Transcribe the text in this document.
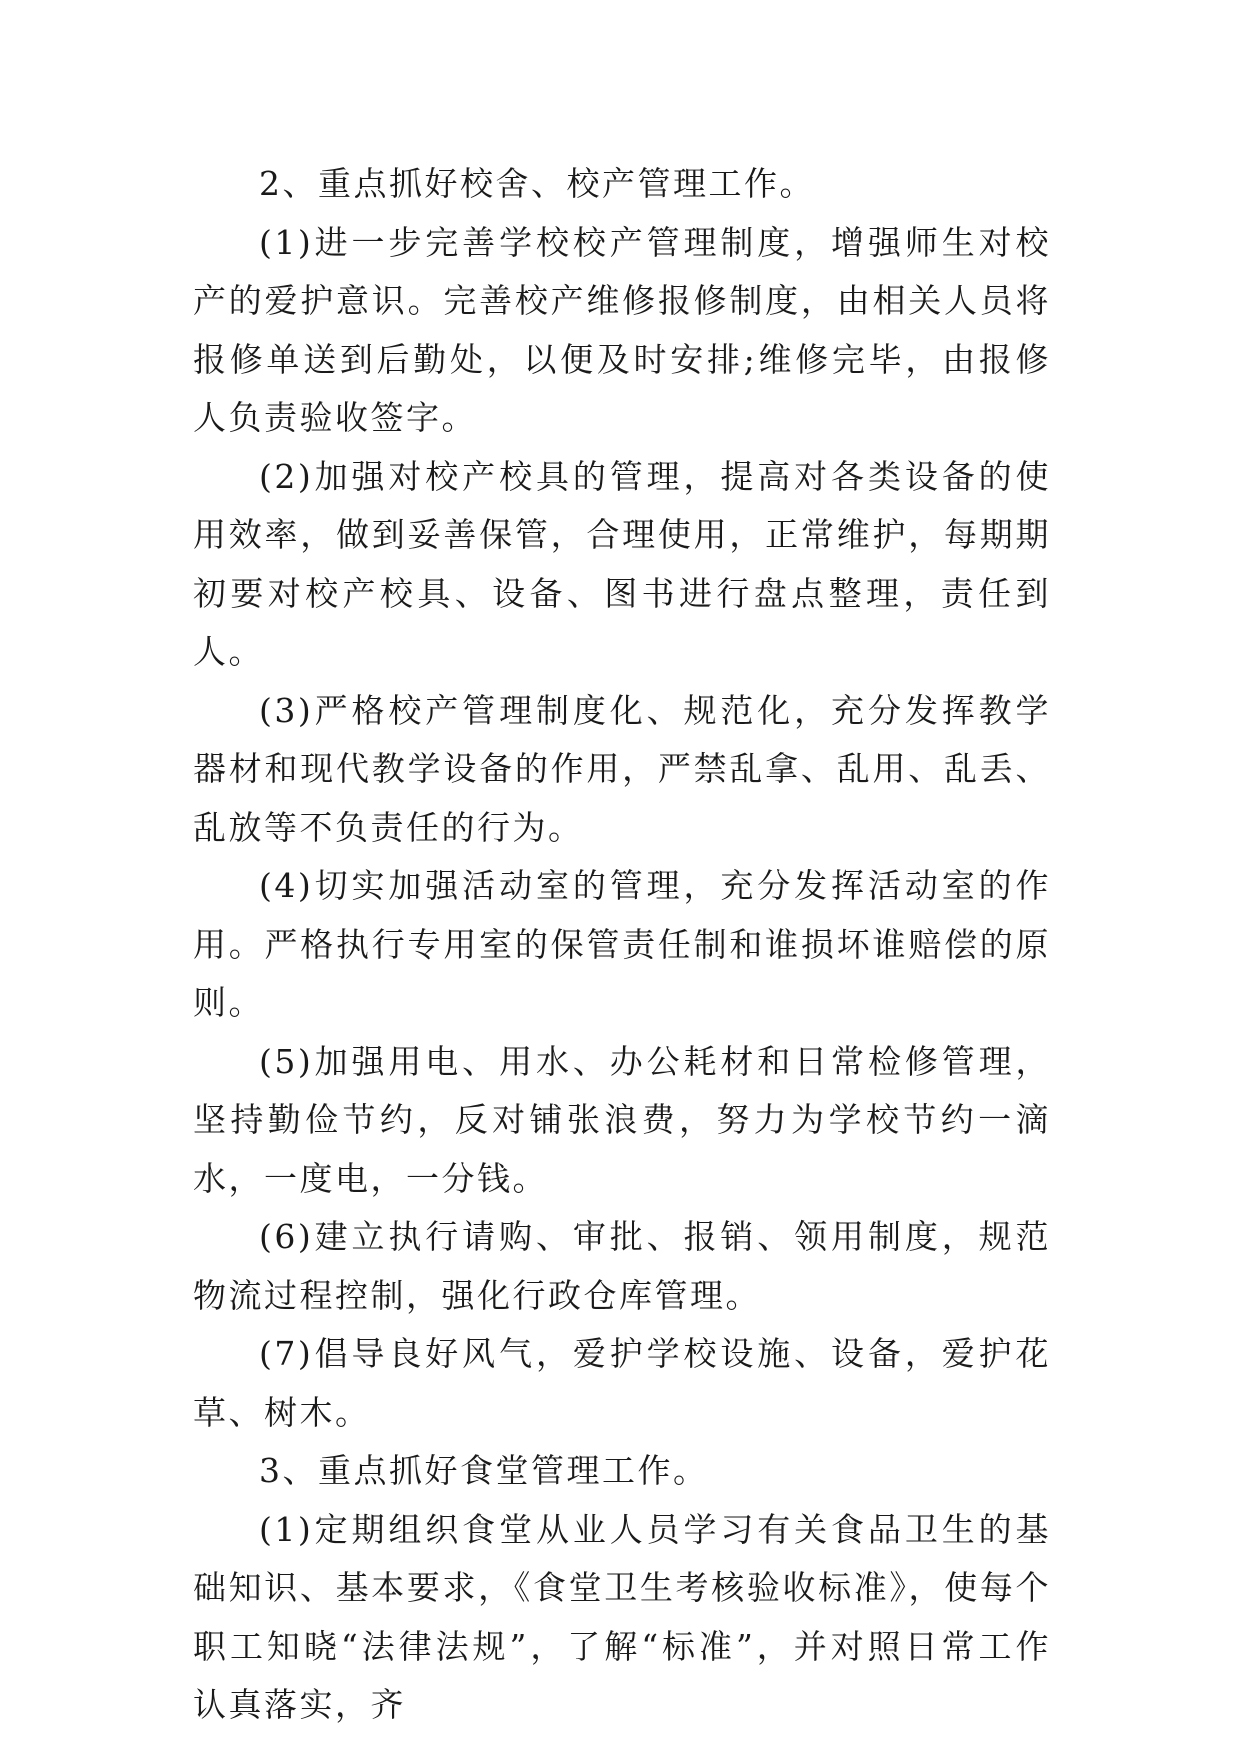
2、重点抓好校舍、校产管理工作。

(1)进一步完善学校校产管理制度，增强师生对校产的爱护意识。完善校产维修报修制度，由相关人员将报修单送到后勤处，以便及时安排;维修完毕，由报修人负责验收签字。

(2)加强对校产校具的管理，提高对各类设备的使用效率，做到妥善保管，合理使用，正常维护，每期期初要对校产校具、设备、图书进行盘点整理，责任到人。

(3)严格校产管理制度化、规范化，充分发挥教学器材和现代教学设备的作用，严禁乱拿、乱用、乱丢、乱放等不负责任的行为。

(4)切实加强活动室的管理，充分发挥活动室的作用。严格执行专用室的保管责任制和谁损坏谁赔偿的原则。

(5)加强用电、用水、办公耗材和日常检修管理，坚持勤俭节约，反对铺张浪费，努力为学校节约一滴水，一度电，一分钱。

(6)建立执行请购、审批、报销、领用制度，规范物流过程控制，强化行政仓库管理。

(7)倡导良好风气，爱护学校设施、设备，爱护花草、树木。

3、重点抓好食堂管理工作。

(1)定期组织食堂从业人员学习有关食品卫生的基础知识、基本要求，《食堂卫生考核验收标准》，使每个职工知晓“法律法规”，了解“标准”，并对照日常工作认真落实，齐
